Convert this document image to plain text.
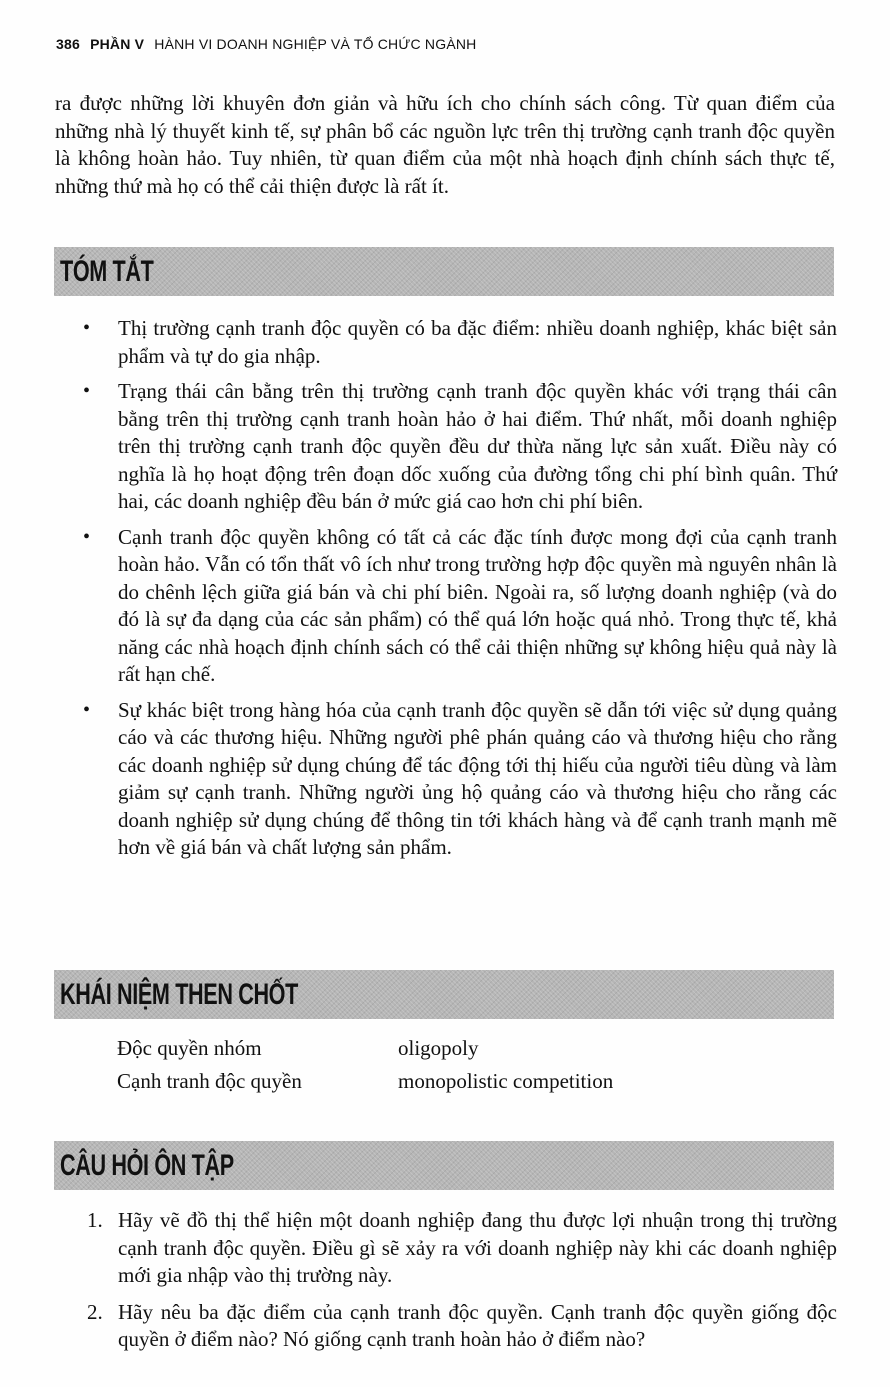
386 PHẦN V HÀNH VI DOANH NGHIỆP VÀ TỔ CHỨC NGÀNH

ra được những lời khuyên đơn giản và hữu ích cho chính sách công. Từ quan điểm của những nhà lý thuyết kinh tế, sự phân bổ các nguồn lực trên thị trường cạnh tranh độc quyền là không hoàn hảo. Tuy nhiên, từ quan điểm của một nhà hoạch định chính sách thực tế, những thứ mà họ có thể cải thiện được là rất ít.

TÓM TẮT
• Thị trường cạnh tranh độc quyền có ba đặc điểm: nhiều doanh nghiệp, khác biệt sản phẩm và tự do gia nhập.
• Trạng thái cân bằng trên thị trường cạnh tranh độc quyền khác với trạng thái cân bằng trên thị trường cạnh tranh hoàn hảo ở hai điểm. Thứ nhất, mỗi doanh nghiệp trên thị trường cạnh tranh độc quyền đều dư thừa năng lực sản xuất. Điều này có nghĩa là họ hoạt động trên đoạn dốc xuống của đường tổng chi phí bình quân. Thứ hai, các doanh nghiệp đều bán ở mức giá cao hơn chi phí biên.
• Cạnh tranh độc quyền không có tất cả các đặc tính được mong đợi của cạnh tranh hoàn hảo. Vẫn có tổn thất vô ích như trong trường hợp độc quyền mà nguyên nhân là do chênh lệch giữa giá bán và chi phí biên. Ngoài ra, số lượng doanh nghiệp (và do đó là sự đa dạng của các sản phẩm) có thể quá lớn hoặc quá nhỏ. Trong thực tế, khả năng các nhà hoạch định chính sách có thể cải thiện những sự không hiệu quả này là rất hạn chế.
• Sự khác biệt trong hàng hóa của cạnh tranh độc quyền sẽ dẫn tới việc sử dụng quảng cáo và các thương hiệu. Những người phê phán quảng cáo và thương hiệu cho rằng các doanh nghiệp sử dụng chúng để tác động tới thị hiếu của người tiêu dùng và làm giảm sự cạnh tranh. Những người ủng hộ quảng cáo và thương hiệu cho rằng các doanh nghiệp sử dụng chúng để thông tin tới khách hàng và để cạnh tranh mạnh mẽ hơn về giá bán và chất lượng sản phẩm.
KHÁI NIỆM THEN CHỐT
Độc quyền nhóm	oligopoly
Cạnh tranh độc quyền	monopolistic competition
CÂU HỎI ÔN TẬP
1. Hãy vẽ đồ thị thể hiện một doanh nghiệp đang thu được lợi nhuận trong thị trường cạnh tranh độc quyền. Điều gì sẽ xảy ra với doanh nghiệp này khi các doanh nghiệp mới gia nhập vào thị trường này.
2. Hãy nêu ba đặc điểm của cạnh tranh độc quyền. Cạnh tranh độc quyền giống độc quyền ở điểm nào? Nó giống cạnh tranh hoàn hảo ở điểm nào?
